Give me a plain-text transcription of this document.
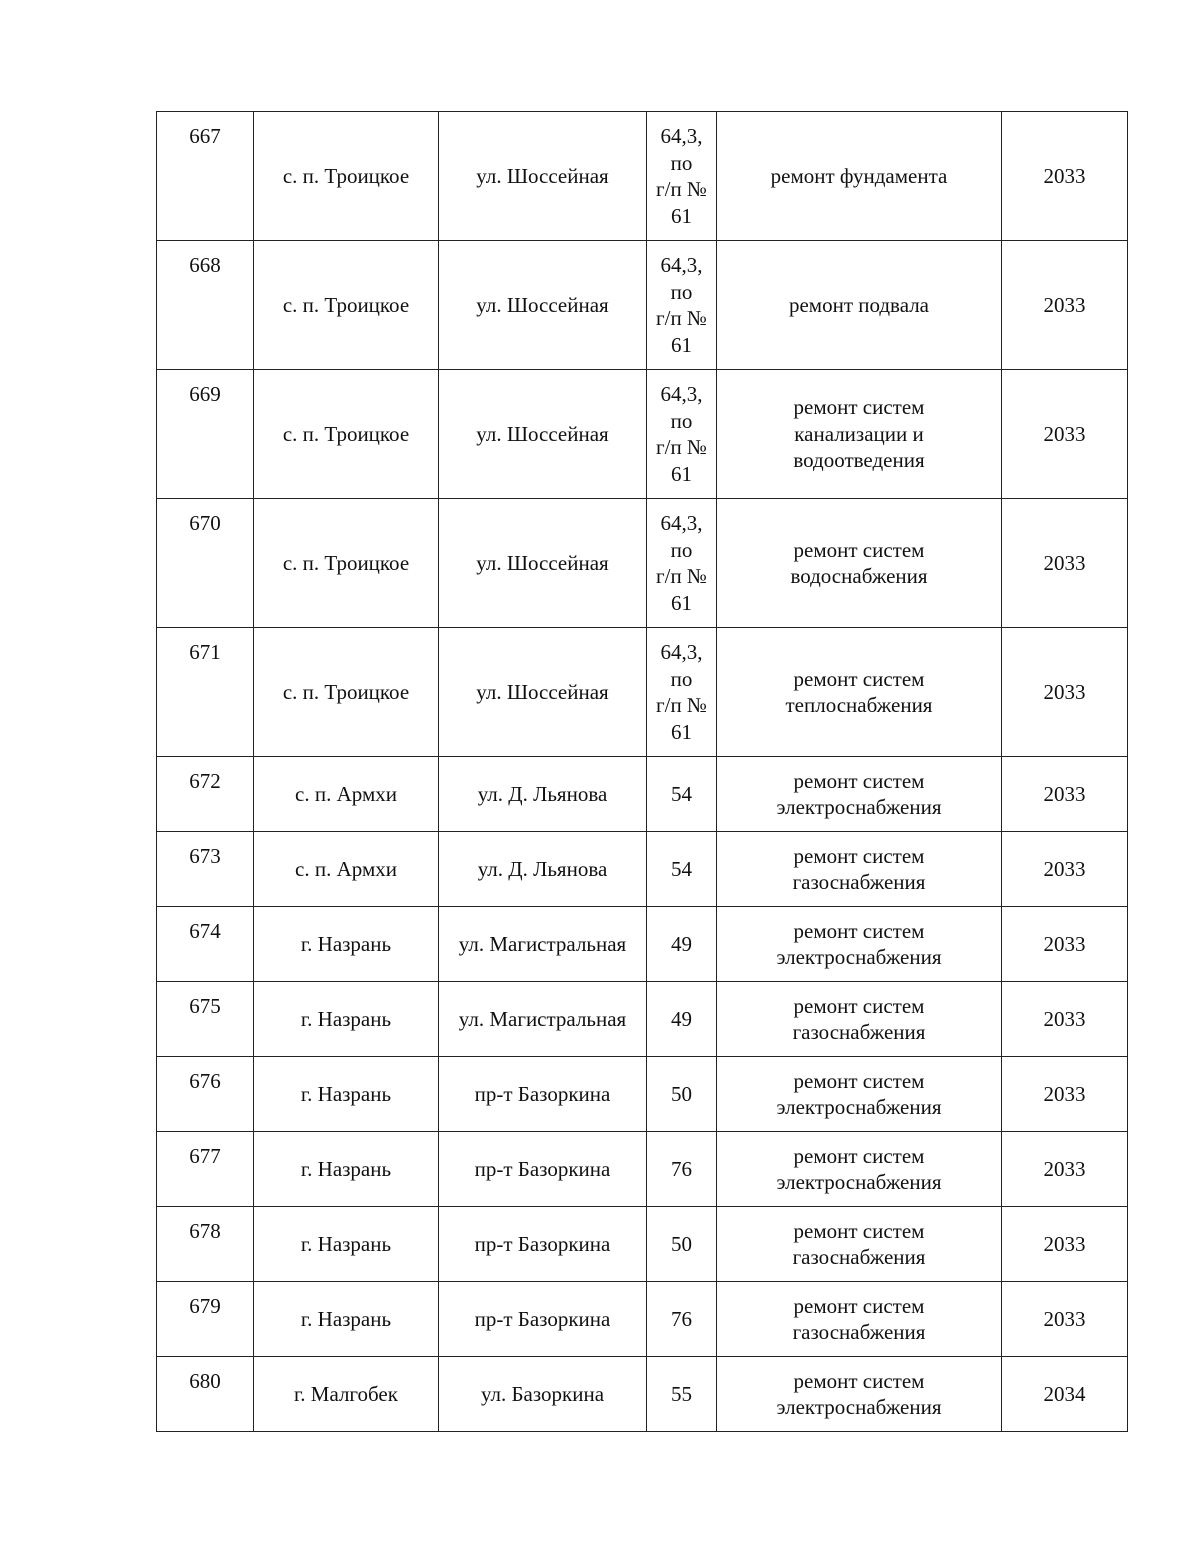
667	с. п. Троицкое	ул. Шоссейная	64,3,
по
г/п №
61	ремонт фундамента	2033
668	с. п. Троицкое	ул. Шоссейная	64,3,
по
г/п №
61	ремонт подвала	2033
669	с. п. Троицкое	ул. Шоссейная	64,3,
по
г/п №
61	ремонт систем
канализации и
водоотведения	2033
670	с. п. Троицкое	ул. Шоссейная	64,3,
по
г/п №
61	ремонт систем
водоснабжения	2033
671	с. п. Троицкое	ул. Шоссейная	64,3,
по
г/п №
61	ремонт систем
теплоснабжения	2033
672	с. п. Армхи	ул. Д. Льянова	54	ремонт систем
электроснабжения	2033
673	с. п. Армхи	ул. Д. Льянова	54	ремонт систем
газоснабжения	2033
674	г. Назрань	ул. Магистральная	49	ремонт систем
электроснабжения	2033
675	г. Назрань	ул. Магистральная	49	ремонт систем
газоснабжения	2033
676	г. Назрань	пр-т Базоркина	50	ремонт систем
электроснабжения	2033
677	г. Назрань	пр-т Базоркина	76	ремонт систем
электроснабжения	2033
678	г. Назрань	пр-т Базоркина	50	ремонт систем
газоснабжения	2033
679	г. Назрань	пр-т Базоркина	76	ремонт систем
газоснабжения	2033
680	г. Малгобек	ул. Базоркина	55	ремонт систем
электроснабжения	2034
